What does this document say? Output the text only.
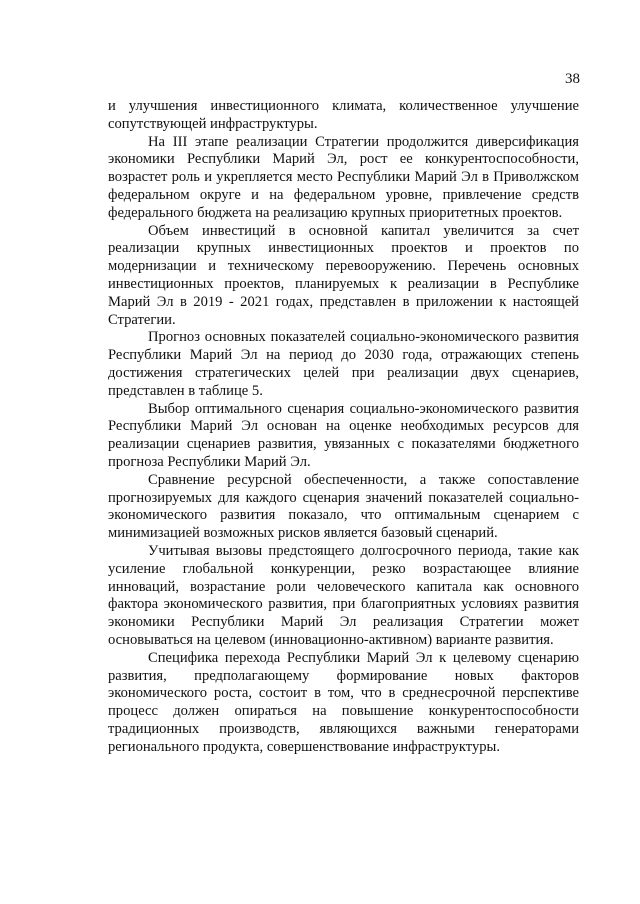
38

и улучшения инвестиционного климата, количественное улучшение сопутствующей инфраструктуры.

На III этапе реализации Стратегии продолжится диверсификация экономики Республики Марий Эл, рост ее конкурентоспособности, возрастет роль и укрепляется место Республики Марий Эл в Приволжском федеральном округе и на федеральном уровне, привлечение средств федерального бюджета на реализацию крупных приоритетных проектов.

Объем инвестиций в основной капитал увеличится за счет реализации крупных инвестиционных проектов и проектов по модернизации и техническому перевооружению. Перечень основных инвестиционных проектов, планируемых к реализации в Республике Марий Эл в 2019 - 2021 годах, представлен в приложении к настоящей Стратегии.

Прогноз основных показателей социально-экономического развития Республики Марий Эл на период до 2030 года, отражающих степень достижения стратегических целей при реализации двух сценариев, представлен в таблице 5.

Выбор оптимального сценария социально-экономического развития Республики Марий Эл основан на оценке необходимых ресурсов для реализации сценариев развития, увязанных с показателями бюджетного прогноза Республики Марий Эл.

Сравнение ресурсной обеспеченности, а также сопоставление прогнозируемых для каждого сценария значений показателей социально-экономического развития показало, что оптимальным сценарием с минимизацией возможных рисков является базовый сценарий.

Учитывая вызовы предстоящего долгосрочного периода, такие как усиление глобальной конкуренции, резко возрастающее влияние инноваций, возрастание роли человеческого капитала как основного фактора экономического развития, при благоприятных условиях развития экономики Республики Марий Эл реализация Стратегии может основываться на целевом (инновационно-активном) варианте развития.

Специфика перехода Республики Марий Эл к целевому сценарию развития, предполагающему формирование новых факторов экономического роста, состоит в том, что в среднесрочной перспективе процесс должен опираться на повышение конкурентоспособности традиционных производств, являющихся важными генераторами регионального продукта, совершенствование инфраструктуры.
